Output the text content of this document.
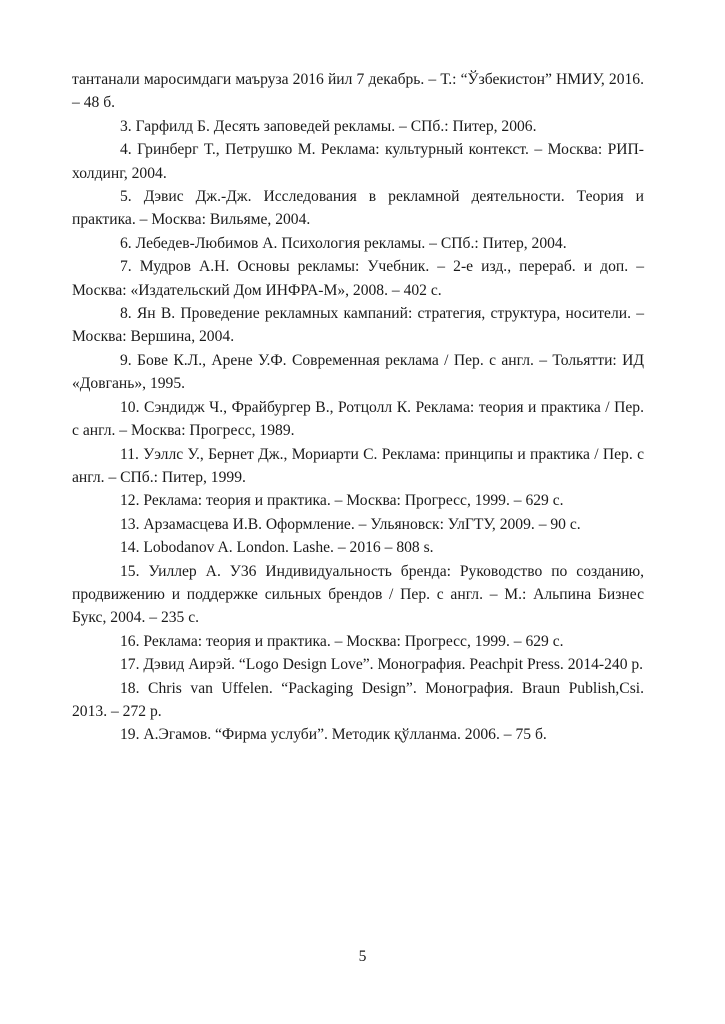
тантанали маросимдаги маъруза 2016 йил 7 декабрь. – Т.: “Ўзбекистон” НМИУ, 2016. – 48 б.

3. Гарфилд Б. Десять заповедей рекламы. – СПб.: Питер, 2006.

4. Гринберг Т., Петрушко М. Реклама: культурный контекст. – Москва: РИП-холдинг, 2004.

5. Дэвис Дж.-Дж. Исследования в рекламной деятельности. Теория и практика. – Москва: Вильяме, 2004.

6. Лебедев-Любимов А. Психология рекламы. – СПб.: Питер, 2004.

7. Мудров А.Н. Основы рекламы: Учебник. – 2-е изд., перераб. и доп. – Москва: «Издательский Дом ИНФРА-М», 2008. – 402 с.

8. Ян В. Проведение рекламных кампаний: стратегия, структура, носители. – Москва: Вершина, 2004.

9. Бове К.Л., Арене У.Ф. Современная реклама / Пер. с англ. – Тольятти: ИД «Довгань», 1995.

10. Сэндидж Ч., Фрайбургер В., Ротцолл К. Реклама: теория и практика / Пер. с англ. – Москва: Прогресс, 1989.

11. Уэллс У., Бернет Дж., Мориарти С. Реклама: принципы и практика / Пер. с англ. – СПб.: Питер, 1999.

12. Реклама: теория и практика. – Москва: Прогресс, 1999. – 629 с.

13. Арзамасцева И.В. Оформление. – Ульяновск: УлГТУ, 2009. – 90 с.

14. Lobodanov A. London. Lashe. – 2016 – 808 s.

15. Уиллер А. У36 Индивидуальность бренда: Руководство по созданию, продвижению и поддержке сильных брендов / Пер. с англ. – М.: Альпина Бизнес Букс, 2004. – 235 с.

16. Реклама: теория и практика. – Москва: Прогресс, 1999. – 629 с.

17. Дэвид Аирэй. “Logo Design Love”. Монография. Peachpit Press. 2014-240 p.

18. Chris van Uffelen. “Packaging Design”. Монография. Braun Publish,Csi. 2013. – 272 p.

19. А.Эгамов. “Фирма услуби”. Методик қўлланма. 2006. – 75 б.

5
